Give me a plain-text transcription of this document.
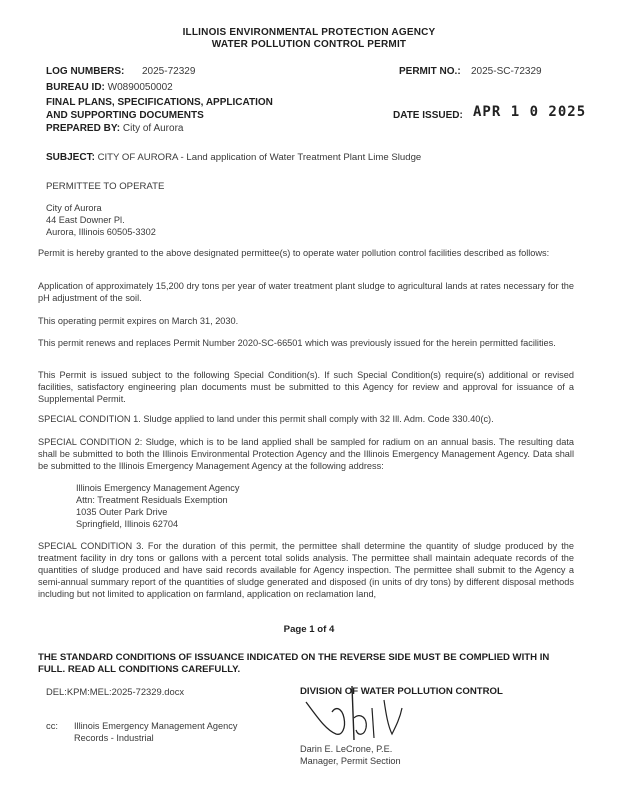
ILLINOIS ENVIRONMENTAL PROTECTION AGENCY
WATER POLLUTION CONTROL PERMIT
LOG NUMBERS: 2025-72329	PERMIT NO.: 2025-SC-72329
BUREAU ID: W0890050002
FINAL PLANS, SPECIFICATIONS, APPLICATION
AND SUPPORTING DOCUMENTS	DATE ISSUED: APR 1 0 2025
PREPARED BY: City of Aurora
SUBJECT: CITY OF AURORA - Land application of Water Treatment Plant Lime Sludge
PERMITTEE TO OPERATE
City of Aurora
44 East Downer Pl.
Aurora, Illinois 60505-3302
Permit is hereby granted to the above designated permittee(s) to operate water pollution control facilities described as follows:
Application of approximately 15,200 dry tons per year of water treatment plant sludge to agricultural lands at rates necessary for the pH adjustment of the soil.
This operating permit expires on March 31, 2030.
This permit renews and replaces Permit Number 2020-SC-66501 which was previously issued for the herein permitted facilities.
This Permit is issued subject to the following Special Condition(s). If such Special Condition(s) require(s) additional or revised facilities, satisfactory engineering plan documents must be submitted to this Agency for review and approval for issuance of a Supplemental Permit.
SPECIAL CONDITION 1. Sludge applied to land under this permit shall comply with 32 Ill. Adm. Code 330.40(c).
SPECIAL CONDITION 2: Sludge, which is to be land applied shall be sampled for radium on an annual basis. The resulting data shall be submitted to both the Illinois Environmental Protection Agency and the Illinois Emergency Management Agency. Data shall be submitted to the Illinois Emergency Management Agency at the following address:
Illinois Emergency Management Agency
Attn: Treatment Residuals Exemption
1035 Outer Park Drive
Springfield, Illinois 62704
SPECIAL CONDITION 3. For the duration of this permit, the permittee shall determine the quantity of sludge produced by the treatment facility in dry tons or gallons with a percent total solids analysis. The permittee shall maintain adequate records of the quantities of sludge produced and have said records available for Agency inspection. The permittee shall submit to the Agency a semi-annual summary report of the quantities of sludge generated and disposed (in units of dry tons) by different disposal methods including but not limited to application on farmland, application on reclamation land,
Page 1 of 4
THE STANDARD CONDITIONS OF ISSUANCE INDICATED ON THE REVERSE SIDE MUST BE COMPLIED WITH IN
FULL. READ ALL CONDITIONS CAREFULLY.
DEL:KPM:MEL:2025-72329.docx	DIVISION OF WATER POLLUTION CONTROL
cc: Illinois Emergency Management Agency
Records - Industrial
Darin E. LeCrone, P.E.
Manager, Permit Section
